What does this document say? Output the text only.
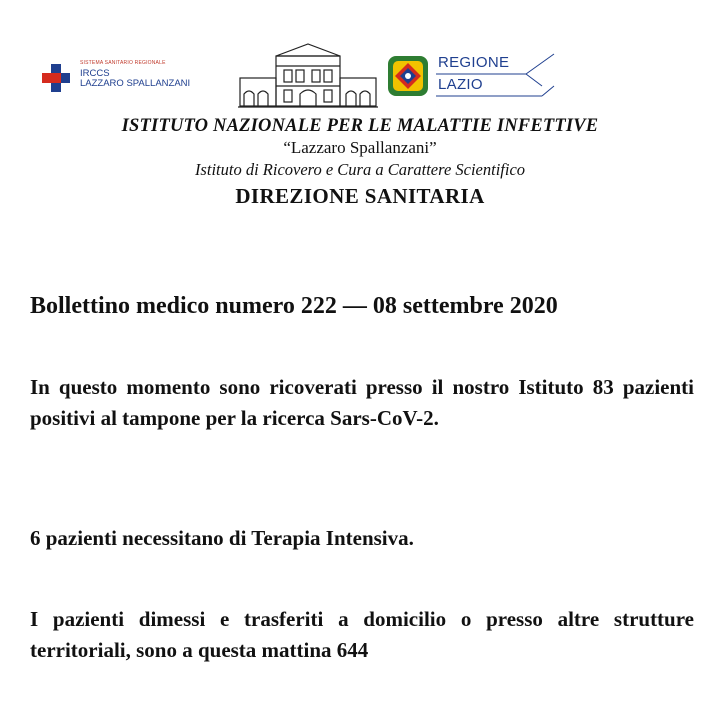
SISTEMA SANITARIO REGIONALE
IRCCS
LAZZARO SPALLANZANI
REGIONE
LAZIO
ISTITUTO NAZIONALE PER LE MALATTIE INFETTIVE
“Lazzaro Spallanzani”
Istituto di Ricovero e Cura a Carattere Scientifico
DIREZIONE SANITARIA
Bollettino medico numero 222 — 08 settembre 2020
In questo momento sono ricoverati presso il nostro Istituto 83 pazienti positivi al tampone per la ricerca Sars-CoV-2.
6 pazienti necessitano di Terapia Intensiva.
I pazienti dimessi e trasferiti a domicilio o presso altre strutture territoriali, sono a questa mattina 644
